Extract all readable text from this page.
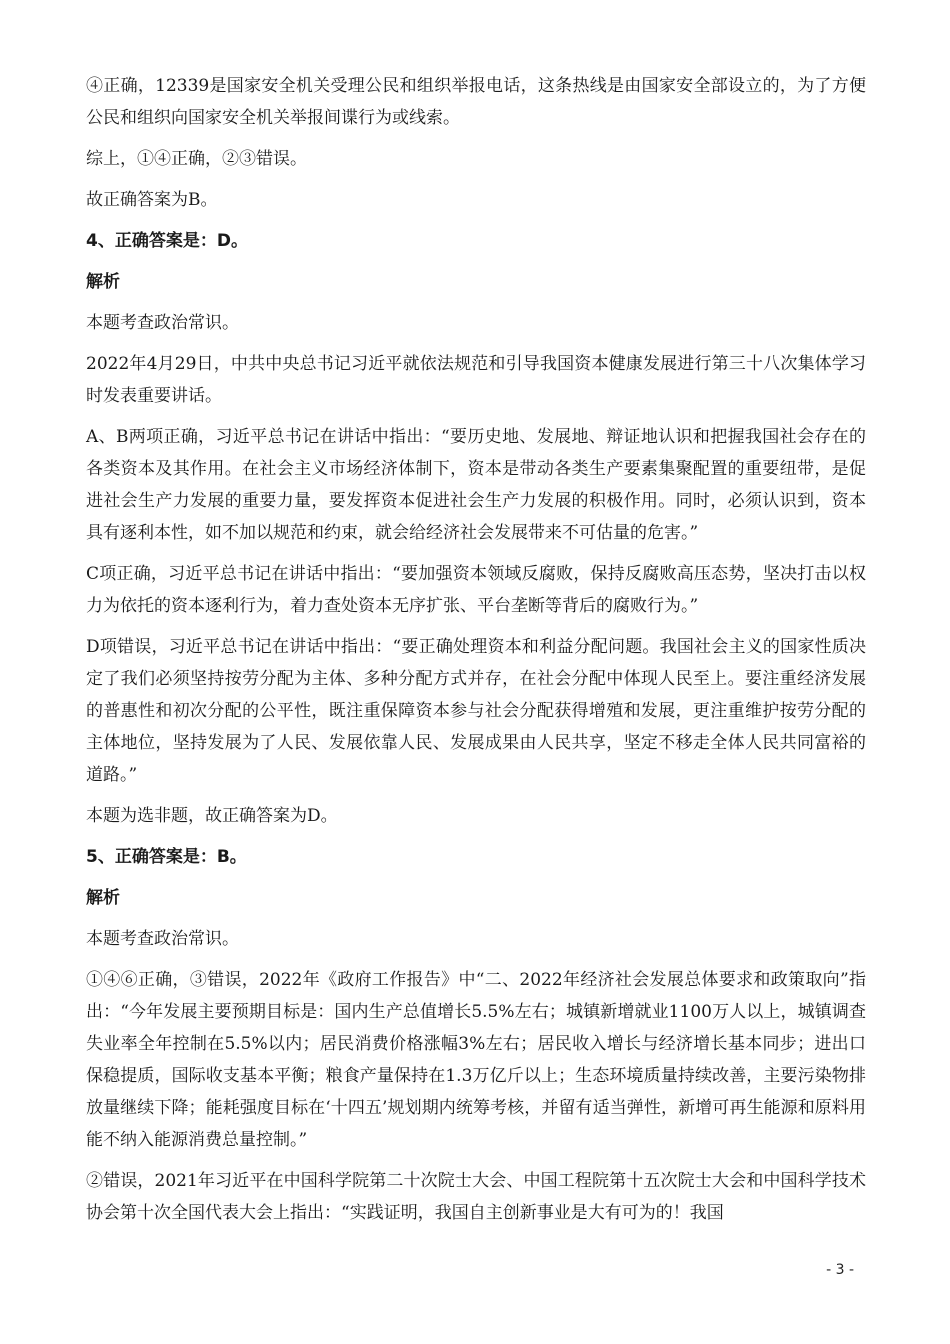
④正确，12339是国家安全机关受理公民和组织举报电话，这条热线是由国家安全部设立的，为了方便公民和组织向国家安全机关举报间谍行为或线索。

综上，①④正确，②③错误。

故正确答案为B。

4、正确答案是：D。

解析

本题考查政治常识。

2022年4月29日，中共中央总书记习近平就依法规范和引导我国资本健康发展进行第三十八次集体学习时发表重要讲话。

A、B两项正确，习近平总书记在讲话中指出：“要历史地、发展地、辩证地认识和把握我国社会存在的各类资本及其作用。在社会主义市场经济体制下，资本是带动各类生产要素集聚配置的重要纽带，是促进社会生产力发展的重要力量，要发挥资本促进社会生产力发展的积极作用。同时，必须认识到，资本具有逐利本性，如不加以规范和约束，就会给经济社会发展带来不可估量的危害。”

C项正确，习近平总书记在讲话中指出：“要加强资本领域反腐败，保持反腐败高压态势，坚决打击以权力为依托的资本逐利行为，着力查处资本无序扩张、平台垄断等背后的腐败行为。”

D项错误，习近平总书记在讲话中指出：“要正确处理资本和利益分配问题。我国社会主义的国家性质决定了我们必须坚持按劳分配为主体、多种分配方式并存，在社会分配中体现人民至上。要注重经济发展的普惠性和初次分配的公平性，既注重保障资本参与社会分配获得增殖和发展，更注重维护按劳分配的主体地位，坚持发展为了人民、发展依靠人民、发展成果由人民共享，坚定不移走全体人民共同富裕的道路。”

本题为选非题，故正确答案为D。

5、正确答案是：B。

解析

本题考查政治常识。

①④⑥正确，③错误，2022年《政府工作报告》中“二、2022年经济社会发展总体要求和政策取向”指出：“今年发展主要预期目标是：国内生产总值增长5.5%左右；城镇新增就业1100万人以上，城镇调查失业率全年控制在5.5%以内；居民消费价格涨幅3%左右；居民收入增长与经济增长基本同步；进出口保稳提质，国际收支基本平衡；粮食产量保持在1.3万亿斤以上；生态环境质量持续改善，主要污染物排放量继续下降；能耗强度目标在‘十四五’规划期内统筹考核，并留有适当弹性，新增可再生能源和原料用能不纳入能源消费总量控制。”

②错误，2021年习近平在中国科学院第二十次院士大会、中国工程院第十五次院士大会和中国科学技术协会第十次全国代表大会上指出：“实践证明，我国自主创新事业是大有可为的！我国

- 3 -
